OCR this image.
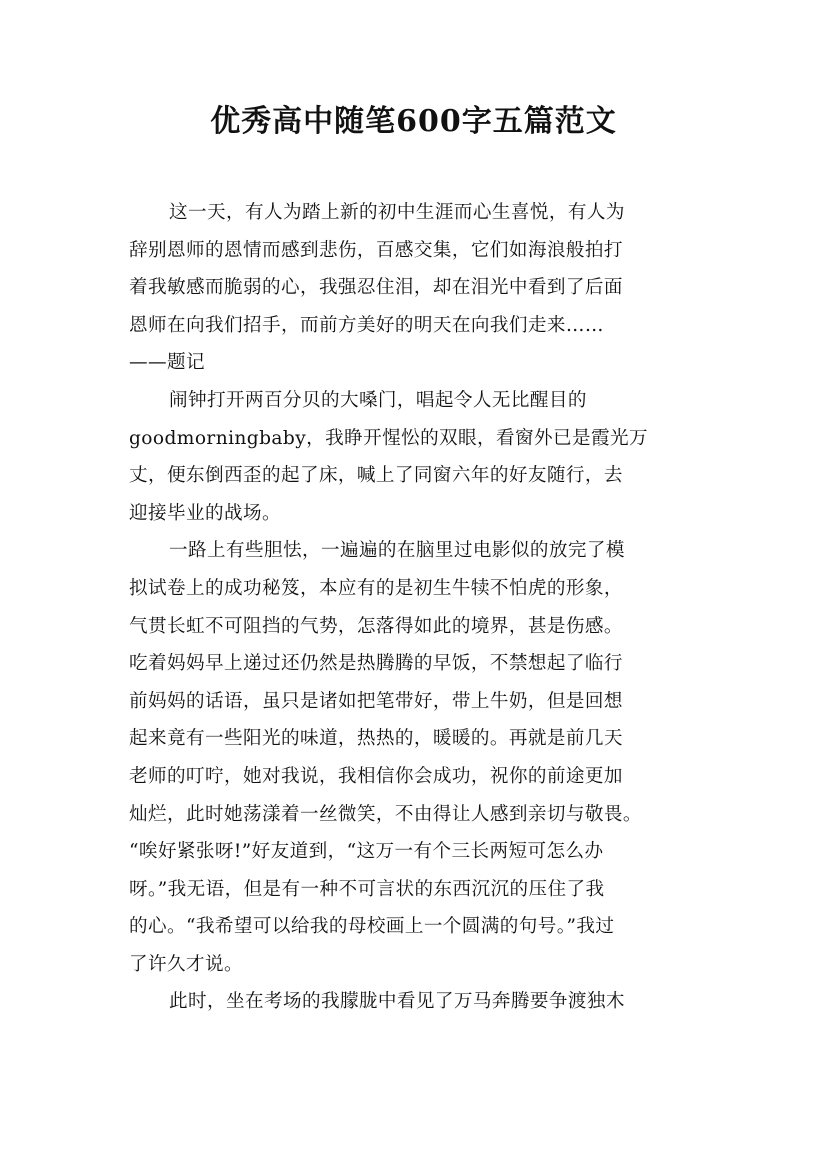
优秀高中随笔600字五篇范文
这一天，有人为踏上新的初中生涯而心生喜悦，有人为
辞别恩师的恩情而感到悲伤，百感交集，它们如海浪般拍打
着我敏感而脆弱的心，我强忍住泪，却在泪光中看到了后面
恩师在向我们招手，而前方美好的明天在向我们走来……
——题记
闹钟打开两百分贝的大嗓门，唱起令人无比醒目的
goodmorningbaby，我睁开惺忪的双眼，看窗外已是霞光万
丈，便东倒西歪的起了床，喊上了同窗六年的好友随行，去
迎接毕业的战场。
一路上有些胆怯，一遍遍的在脑里过电影似的放完了模
拟试卷上的成功秘笈，本应有的是初生牛犊不怕虎的形象，
气贯长虹不可阻挡的气势，怎落得如此的境界，甚是伤感。
吃着妈妈早上递过还仍然是热腾腾的早饭，不禁想起了临行
前妈妈的话语，虽只是诸如把笔带好，带上牛奶，但是回想
起来竟有一些阳光的味道，热热的，暖暖的。再就是前几天
老师的叮咛，她对我说，我相信你会成功，祝你的前途更加
灿烂，此时她荡漾着一丝微笑，不由得让人感到亲切与敬畏。
“唉好紧张呀!”好友道到，“这万一有个三长两短可怎么办
呀。”我无语，但是有一种不可言状的东西沉沉的压住了我
的心。“我希望可以给我的母校画上一个圆满的句号。”我过
了许久才说。
此时，坐在考场的我朦胧中看见了万马奔腾要争渡独木
